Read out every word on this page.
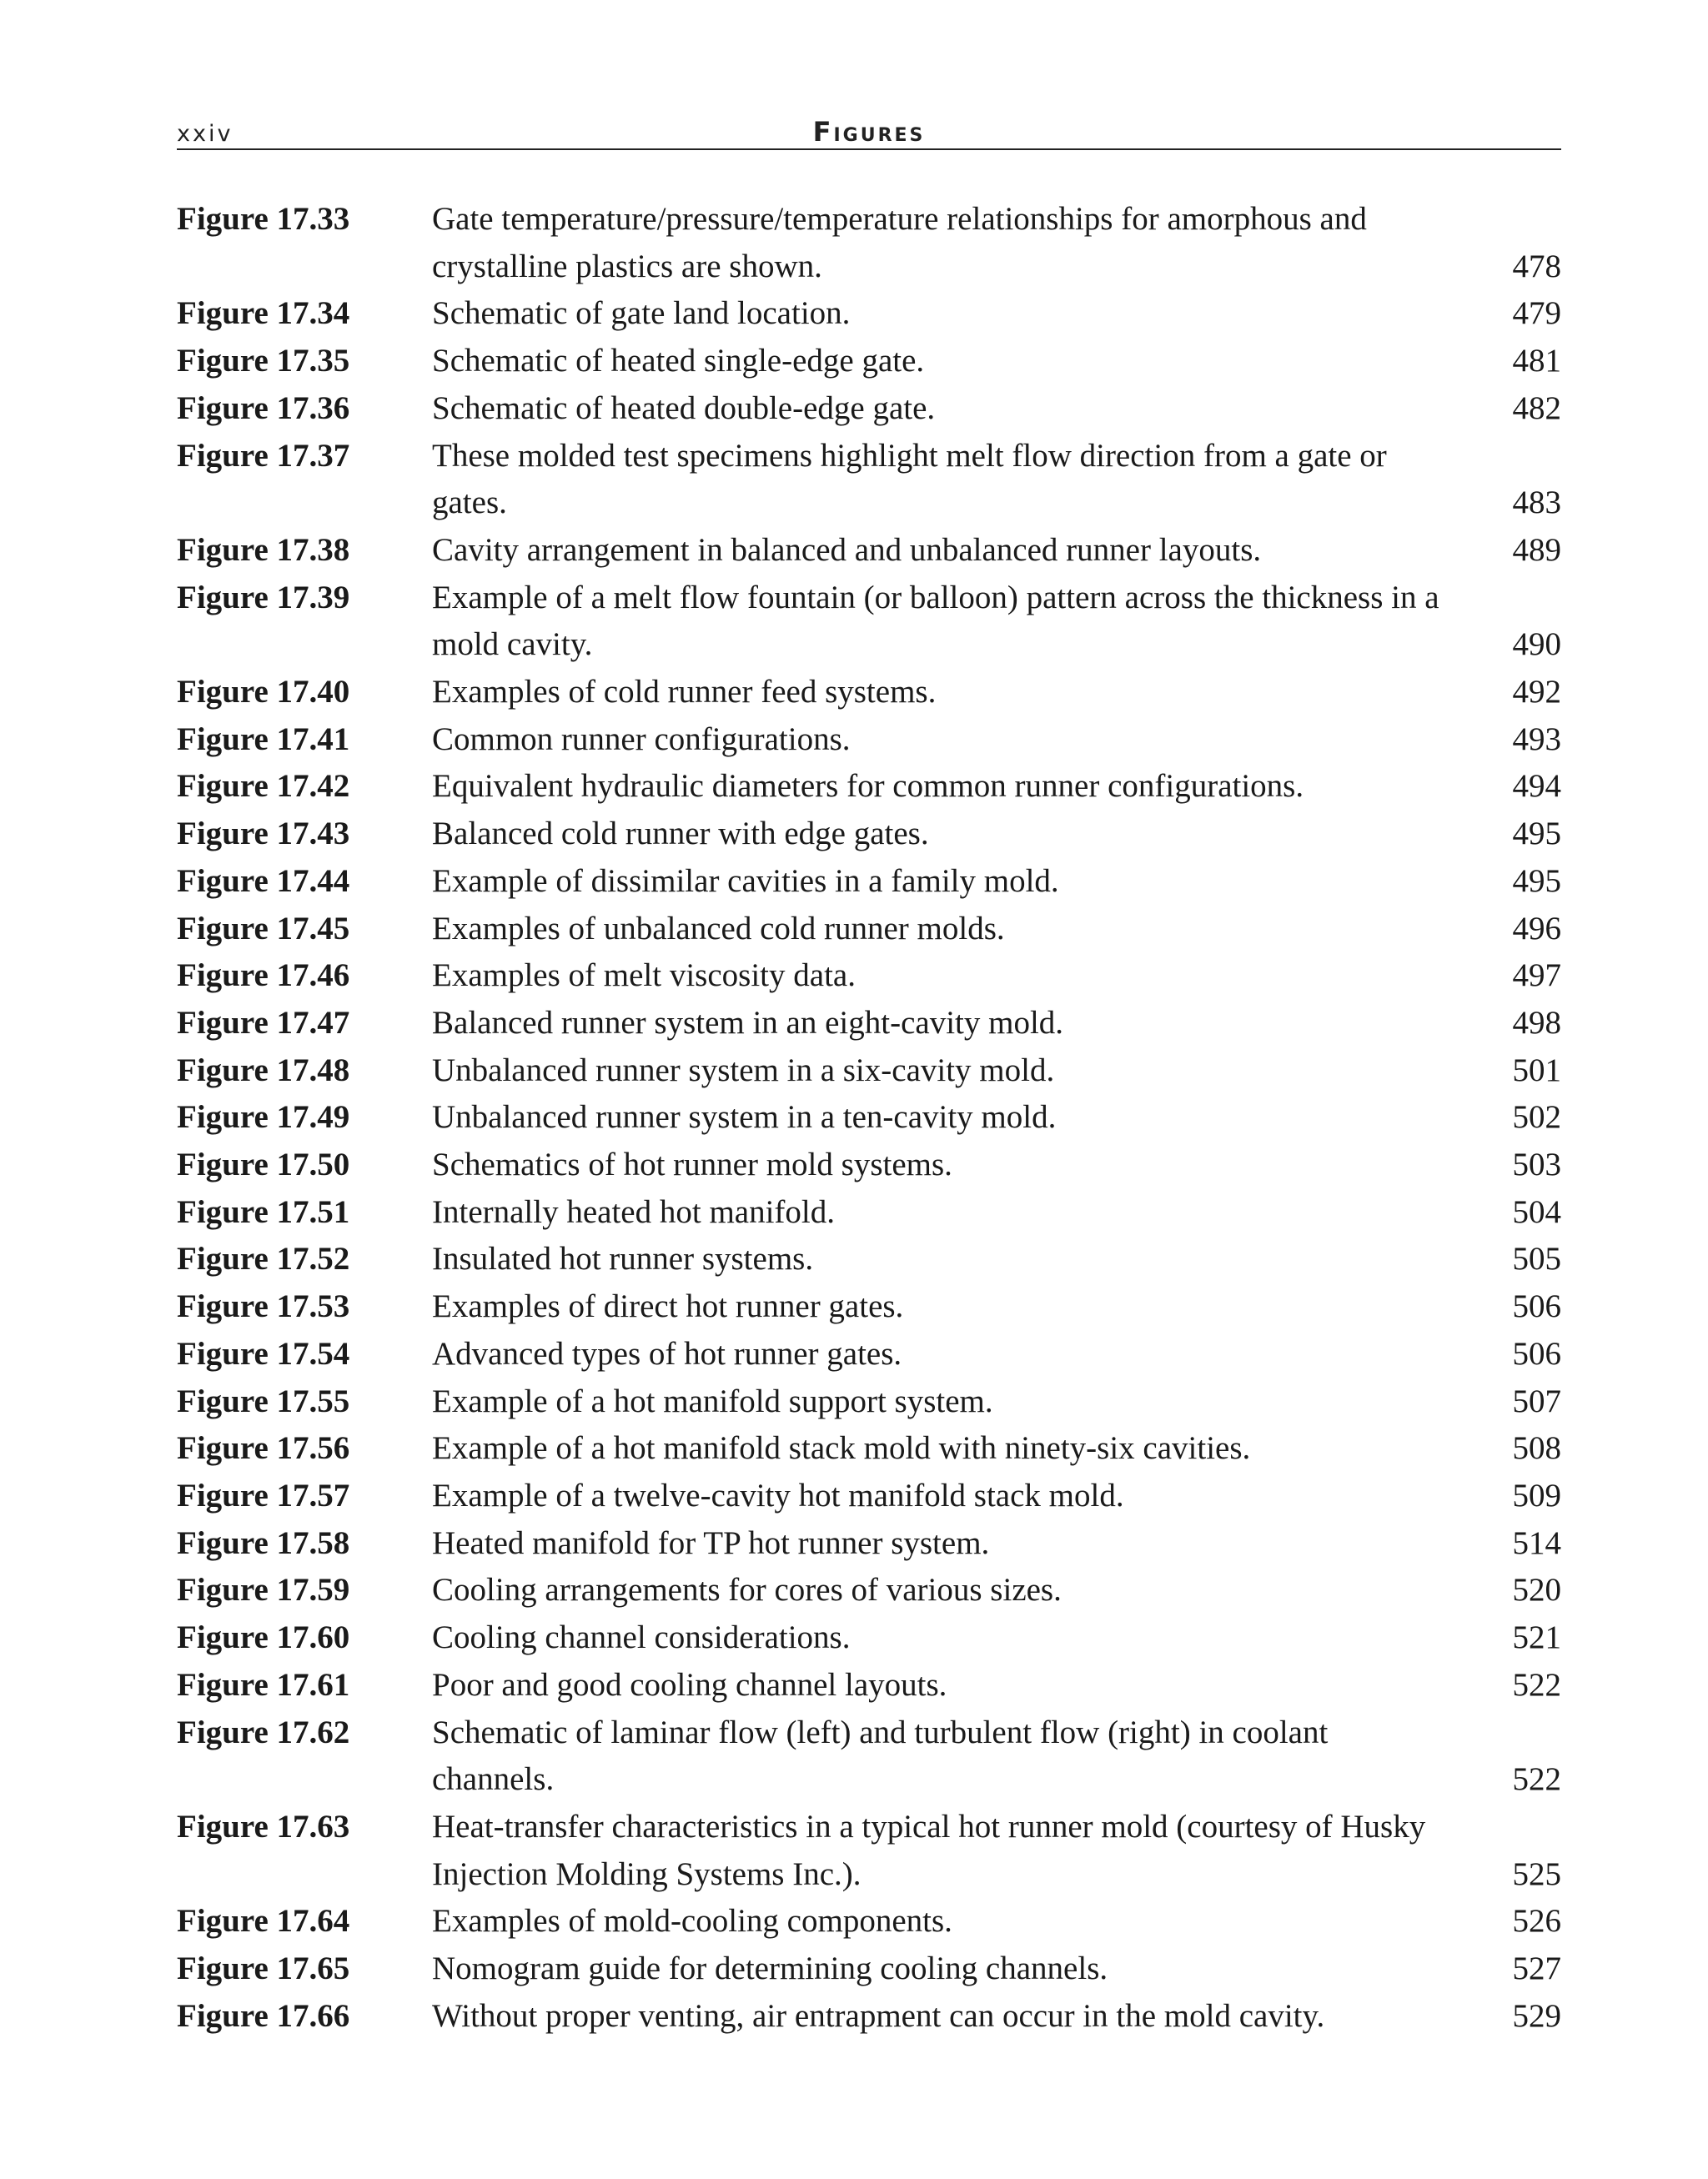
xxiv	Figures
Figure 17.33	Gate temperature/pressure/temperature relationships for amorphous and crystalline plastics are shown.	478
Figure 17.34	Schematic of gate land location.	479
Figure 17.35	Schematic of heated single-edge gate.	481
Figure 17.36	Schematic of heated double-edge gate.	482
Figure 17.37	These molded test specimens highlight melt flow direction from a gate or gates.	483
Figure 17.38	Cavity arrangement in balanced and unbalanced runner layouts.	489
Figure 17.39	Example of a melt flow fountain (or balloon) pattern across the thickness in a mold cavity.	490
Figure 17.40	Examples of cold runner feed systems.	492
Figure 17.41	Common runner configurations.	493
Figure 17.42	Equivalent hydraulic diameters for common runner configurations.	494
Figure 17.43	Balanced cold runner with edge gates.	495
Figure 17.44	Example of dissimilar cavities in a family mold.	495
Figure 17.45	Examples of unbalanced cold runner molds.	496
Figure 17.46	Examples of melt viscosity data.	497
Figure 17.47	Balanced runner system in an eight-cavity mold.	498
Figure 17.48	Unbalanced runner system in a six-cavity mold.	501
Figure 17.49	Unbalanced runner system in a ten-cavity mold.	502
Figure 17.50	Schematics of hot runner mold systems.	503
Figure 17.51	Internally heated hot manifold.	504
Figure 17.52	Insulated hot runner systems.	505
Figure 17.53	Examples of direct hot runner gates.	506
Figure 17.54	Advanced types of hot runner gates.	506
Figure 17.55	Example of a hot manifold support system.	507
Figure 17.56	Example of a hot manifold stack mold with ninety-six cavities.	508
Figure 17.57	Example of a twelve-cavity hot manifold stack mold.	509
Figure 17.58	Heated manifold for TP hot runner system.	514
Figure 17.59	Cooling arrangements for cores of various sizes.	520
Figure 17.60	Cooling channel considerations.	521
Figure 17.61	Poor and good cooling channel layouts.	522
Figure 17.62	Schematic of laminar flow (left) and turbulent flow (right) in coolant channels.	522
Figure 17.63	Heat-transfer characteristics in a typical hot runner mold (courtesy of Husky Injection Molding Systems Inc.).	525
Figure 17.64	Examples of mold-cooling components.	526
Figure 17.65	Nomogram guide for determining cooling channels.	527
Figure 17.66	Without proper venting, air entrapment can occur in the mold cavity.	529
